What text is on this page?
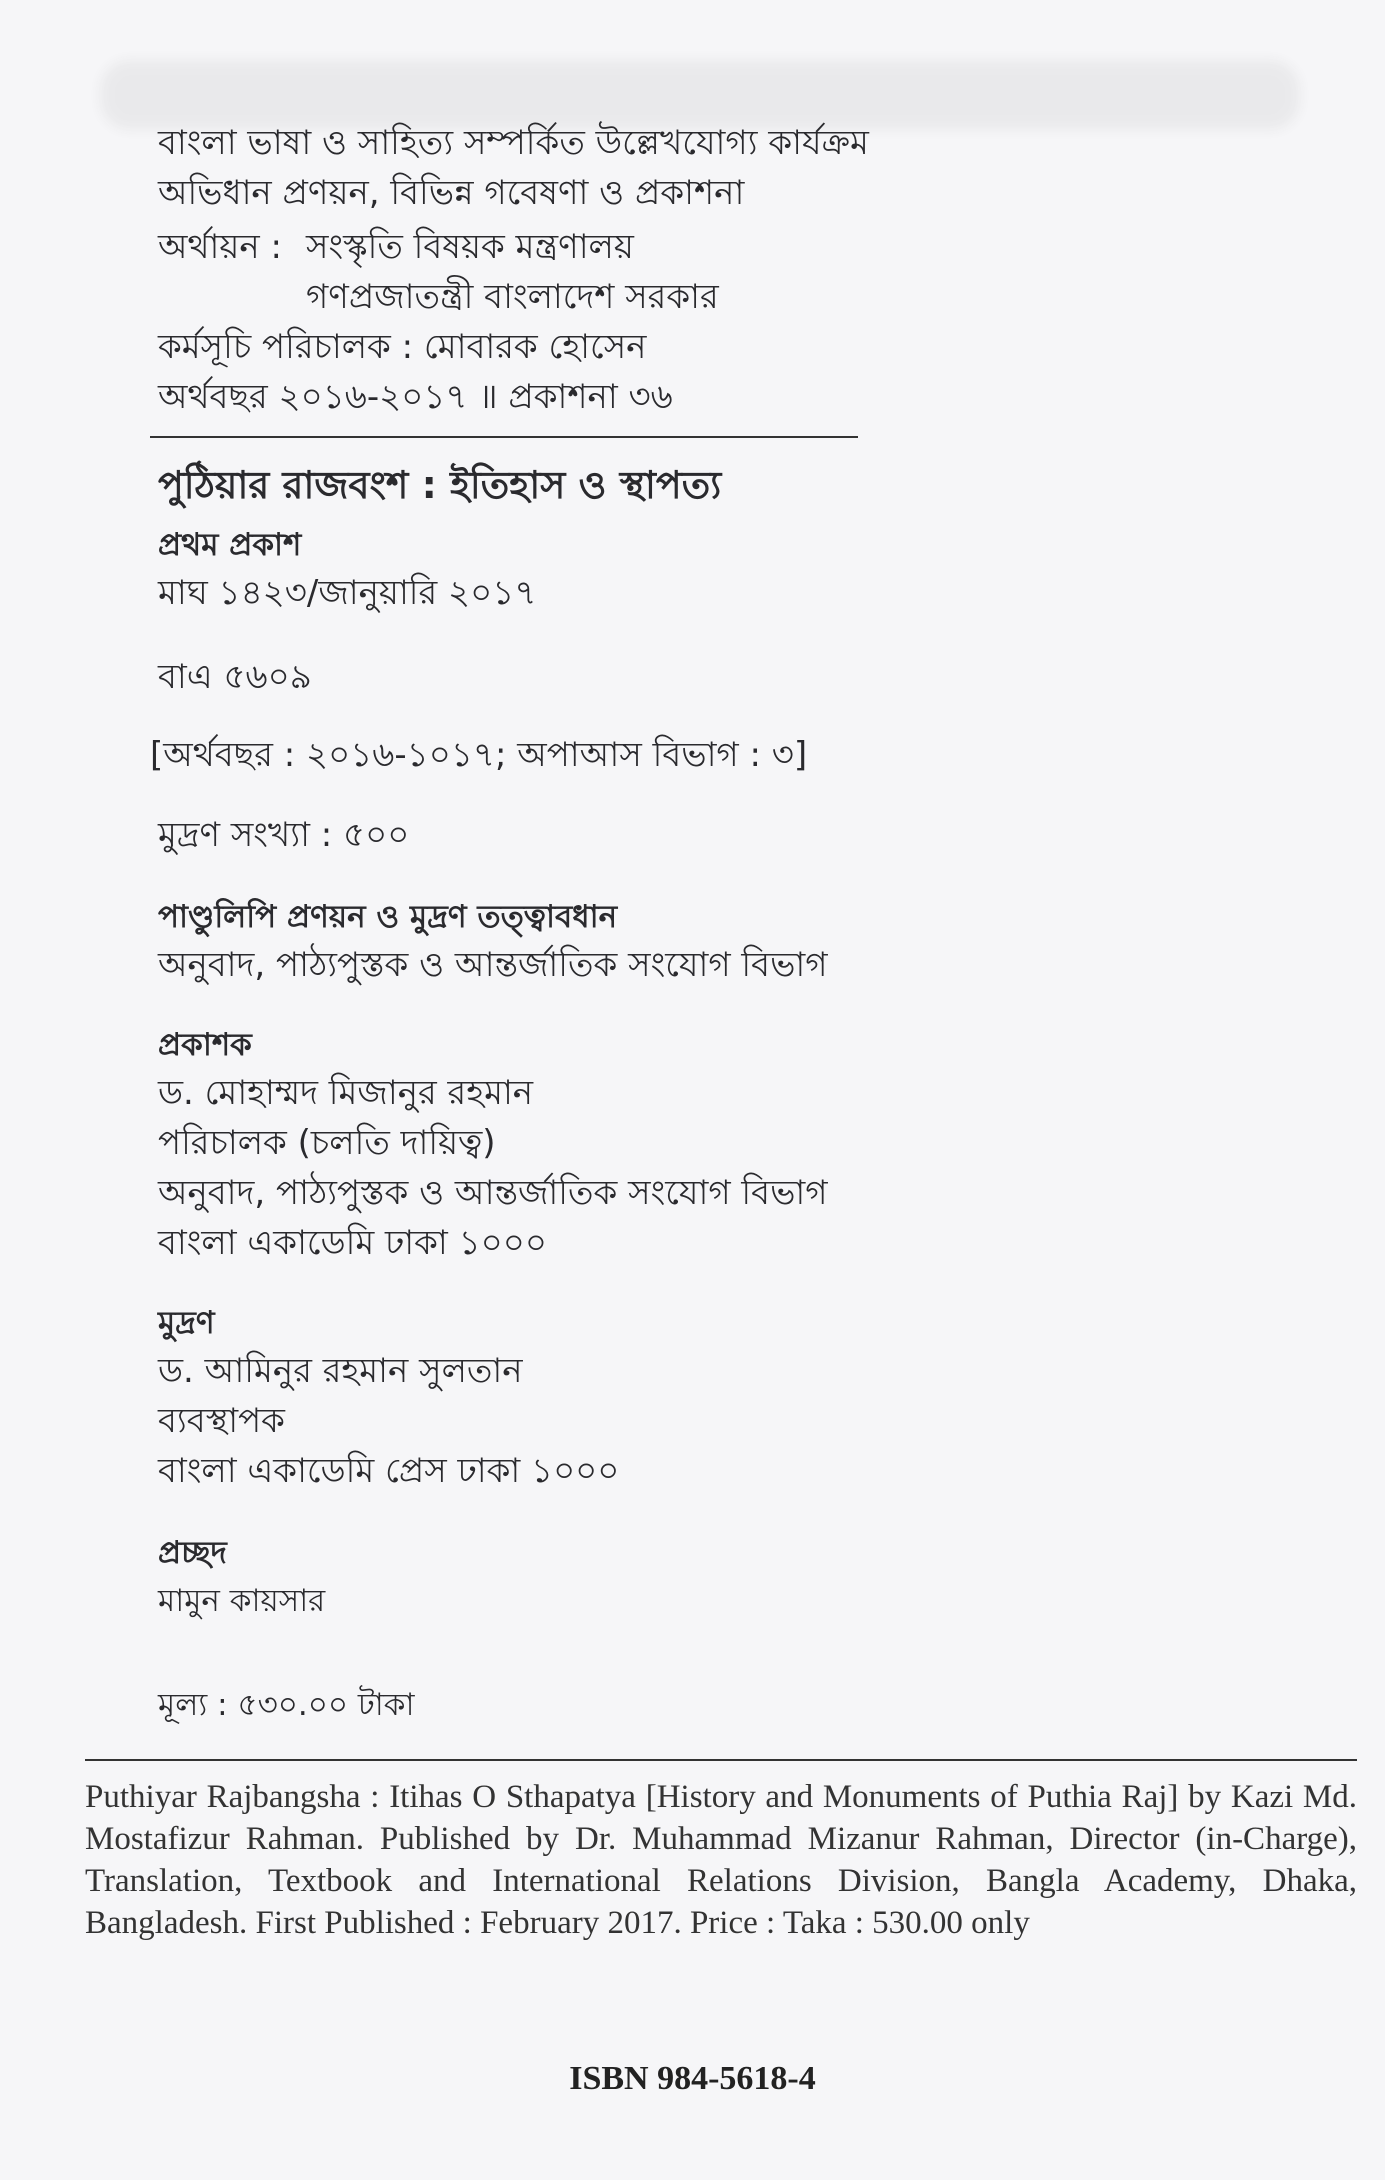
বাংলা ভাষা ও সাহিত্য সম্পর্কিত উল্লেখযোগ্য কার্যক্রম
অভিধান প্রণয়ন, বিভিন্ন গবেষণা ও প্রকাশনা
অর্থায়ন : সংস্কৃতি বিষয়ক মন্ত্রণালয়
গণপ্রজাতন্ত্রী বাংলাদেশ সরকার
কর্মসূচি পরিচালক : মোবারক হোসেন
অর্থবছর ২০১৬-২০১৭ ॥ প্রকাশনা ৩৬
পুঠিয়ার রাজবংশ : ইতিহাস ও স্থাপত্য
প্রথম প্রকাশ
মাঘ ১৪২৩/জানুয়ারি ২০১৭
বাএ ৫৬০৯
[অর্থবছর : ২০১৬-১০১৭; অপাআস বিভাগ : ৩]
মুদ্রণ সংখ্যা : ৫০০
পাণ্ডুলিপি প্রণয়ন ও মুদ্রণ তত্ত্বাবধান
অনুবাদ, পাঠ্যপুস্তক ও আন্তর্জাতিক সংযোগ বিভাগ
প্রকাশক
ড. মোহাম্মদ মিজানুর রহমান
পরিচালক (চলতি দায়িত্ব)
অনুবাদ, পাঠ্যপুস্তক ও আন্তর্জাতিক সংযোগ বিভাগ
বাংলা একাডেমি ঢাকা ১০০০
মুদ্রণ
ড. আমিনুর রহমান সুলতান
ব্যবস্থাপক
বাংলা একাডেমি প্রেস ঢাকা ১০০০
প্রচ্ছদ
মামুন কায়সার
মূল্য : ৫৩০.০০ টাকা
Puthiyar Rajbangsha : Itihas O Sthapatya [History and Monuments of Puthia Raj] by Kazi Md. Mostafizur Rahman. Published by Dr. Muhammad Mizanur Rahman, Director (in-Charge), Translation, Textbook and International Relations Division, Bangla Academy, Dhaka, Bangladesh. First Published : February 2017. Price : Taka : 530.00 only
ISBN 984-5618-4
